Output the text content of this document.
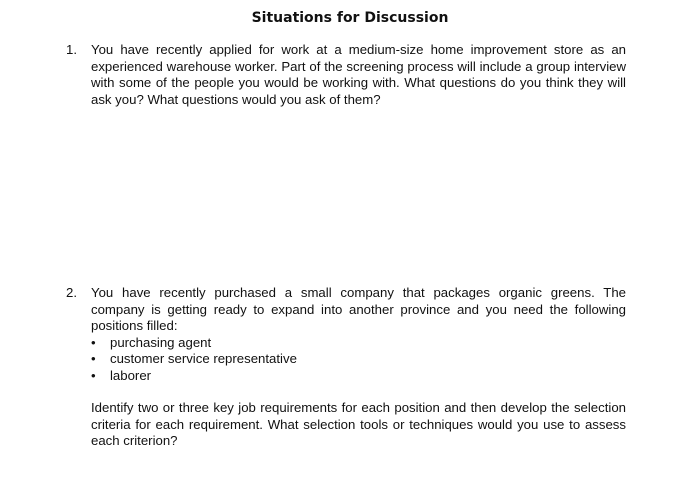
Situations for Discussion
1.	You have recently applied for work at a medium-size home improvement store as an experienced warehouse worker. Part of the screening process will include a group interview with some of the people you would be working with. What questions do you think they will ask you? What questions would you ask of them?
2.	You have recently purchased a small company that packages organic greens. The company is getting ready to expand into another province and you need the following positions filled:
• purchasing agent
• customer service representative
• laborer
Identify two or three key job requirements for each position and then develop the selection criteria for each requirement. What selection tools or techniques would you use to assess each criterion?
